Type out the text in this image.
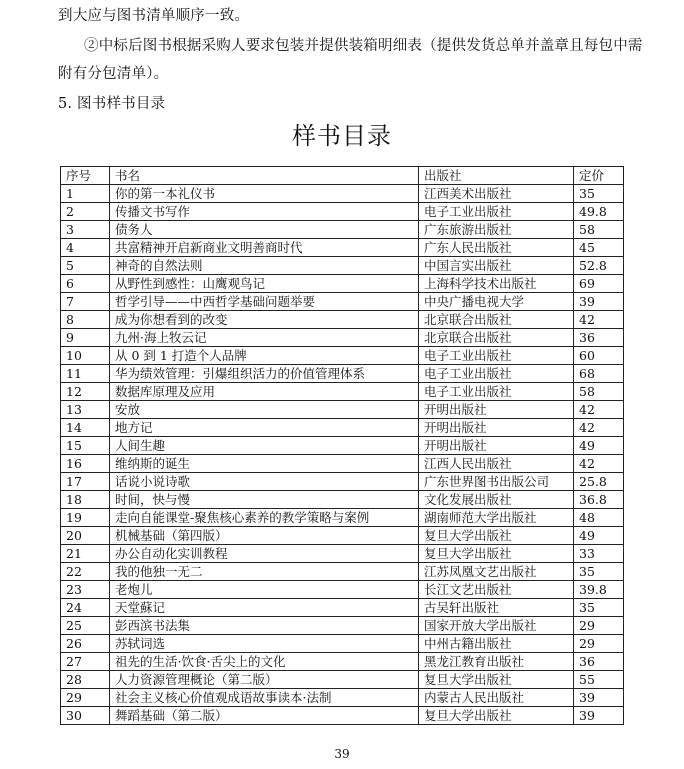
到大应与图书清单顺序一致。
②中标后图书根据采购人要求包装并提供装箱明细表（提供发货总单并盖章且每包中需
附有分包清单）。
5. 图书样书目录
样书目录
序号	书名	出版社	定价
1	你的第一本礼仪书	江西美术出版社	35
2	传播文书写作	电子工业出版社	49.8
3	债务人	广东旅游出版社	58
4	共富精神开启新商业文明善商时代	广东人民出版社	45
5	神奇的自然法则	中国言实出版社	52.8
6	从野性到感性：山鹰观鸟记	上海科学技术出版社	69
7	哲学引导——中西哲学基础问题举要	中央广播电视大学	39
8	成为你想看到的改变	北京联合出版社	42
9	九州·海上牧云记	北京联合出版社	36
10	从 0 到 1 打造个人品牌	电子工业出版社	60
11	华为绩效管理：引爆组织活力的价值管理体系	电子工业出版社	68
12	数据库原理及应用	电子工业出版社	58
13	安放	开明出版社	42
14	地方记	开明出版社	42
15	人间生趣	开明出版社	49
16	维纳斯的诞生	江西人民出版社	42
17	话说小说诗歌	广东世界图书出版公司	25.8
18	时间，快与慢	文化发展出版社	36.8
19	走向自能课堂-聚焦核心素养的教学策略与案例	湖南师范大学出版社	48
20	机械基础（第四版）	复旦大学出版社	49
21	办公自动化实训教程	复旦大学出版社	33
22	我的他独一无二	江苏凤凰文艺出版社	35
23	老炮儿	长江文艺出版社	39.8
24	天堂蘇记	古吴轩出版社	35
25	彭西滨书法集	国家开放大学出版社	29
26	苏轼词选	中州古籍出版社	29
27	祖先的生活·饮食·舌尖上的文化	黑龙江教育出版社	36
28	人力资源管理概论（第二版）	复旦大学出版社	55
29	社会主义核心价值观成语故事读本·法制	内蒙古人民出版社	39
30	舞蹈基础（第二版）	复旦大学出版社	39
39
